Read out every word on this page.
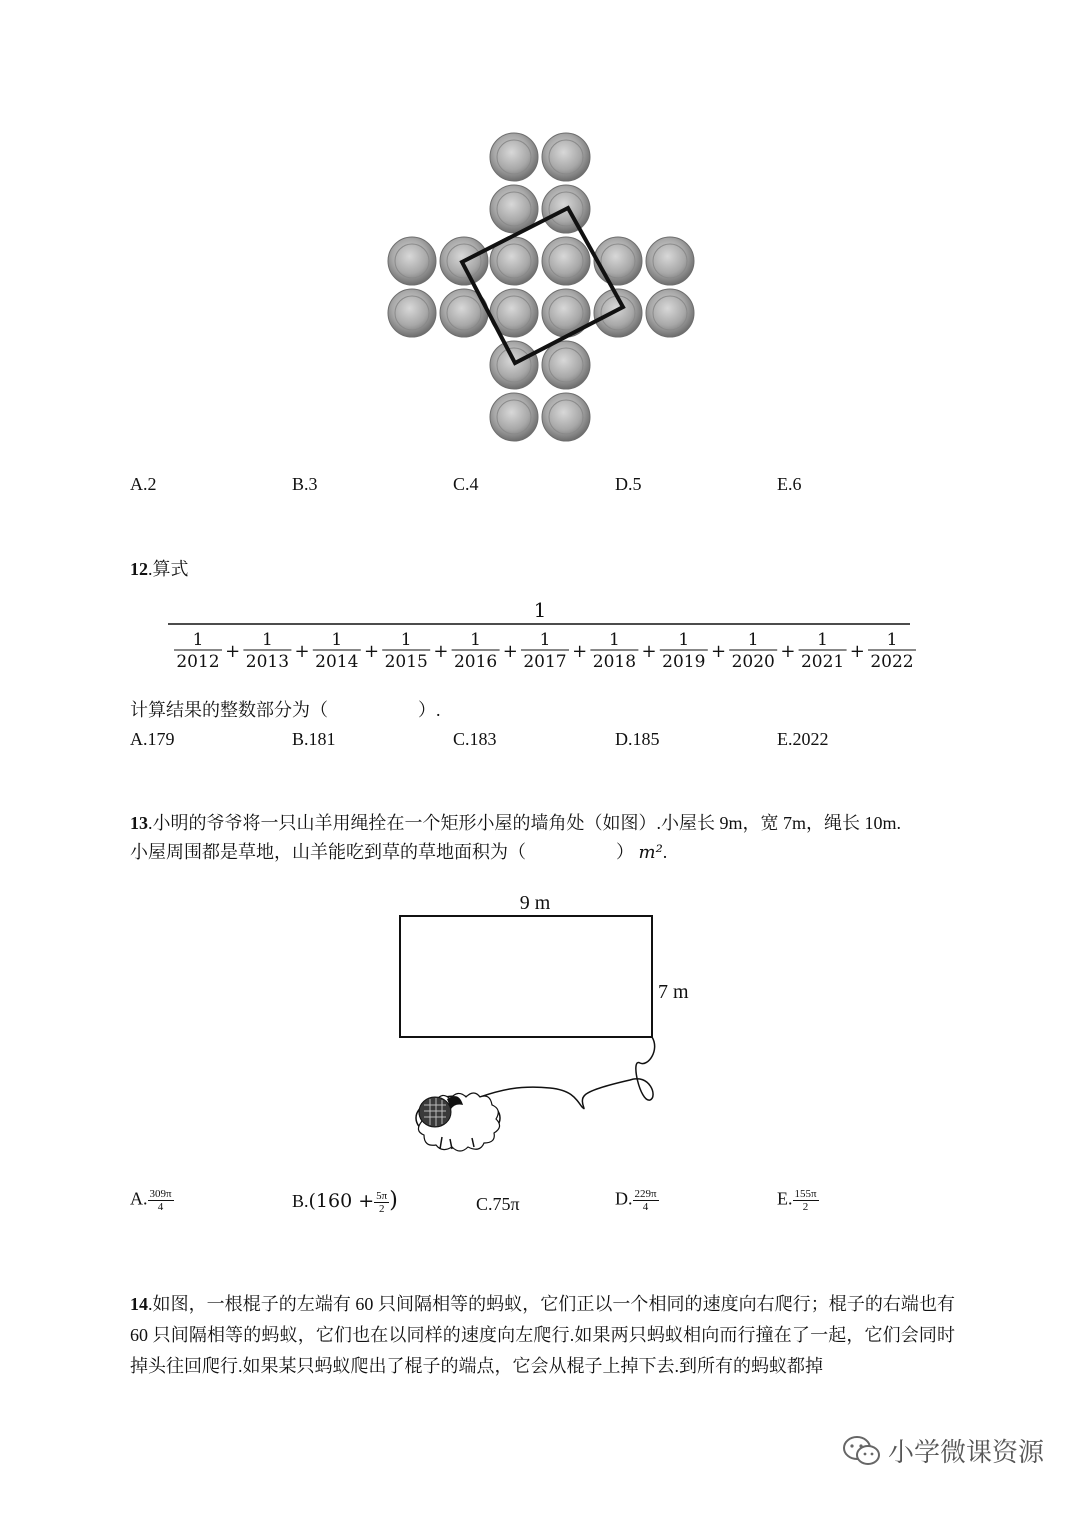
A.2	B.3	C.4	D.5	E.6
12.算式
1
1
2012 +
1
2013 +
1
2014 +
1
2015 +
1
2016 +
1
2017 +
1
2018 +
1
2019 +
1
2020 +
1
2021 +
1
2022
计算结果的整数部分为（　　　　　）.
A.179	B.181	C.183	D.185	E.2022
13.小明的爷爷将一只山羊用绳拴在一个矩形小屋的墙角处（如图）.小屋长 9m，宽 7m，绳长 10m.
小屋周围都是草地，山羊能吃到草的草地面积为（　　　　　） m².
9 m
7 m
A. $\frac{309\pi}{4}$	$B.(160 + \frac{5\pi}{2}$ )	C.75π	D. $\frac{229\pi}{4}$	E. $\frac{155\pi}{2}$
14.如图，一根棍子的左端有 60 只间隔相等的蚂蚁，它们正以一个相同的速度向右爬行；棍子的右端也有 60 只间隔相等的蚂蚁，它们也在以同样的速度向左爬行.如果两只蚂蚁相向而行撞在了一起，它们会同时掉头往回爬行.如果某只蚂蚁爬出了棍子的端点，它会从棍子上掉下去.到所有的蚂蚁都掉
小学微课资源
